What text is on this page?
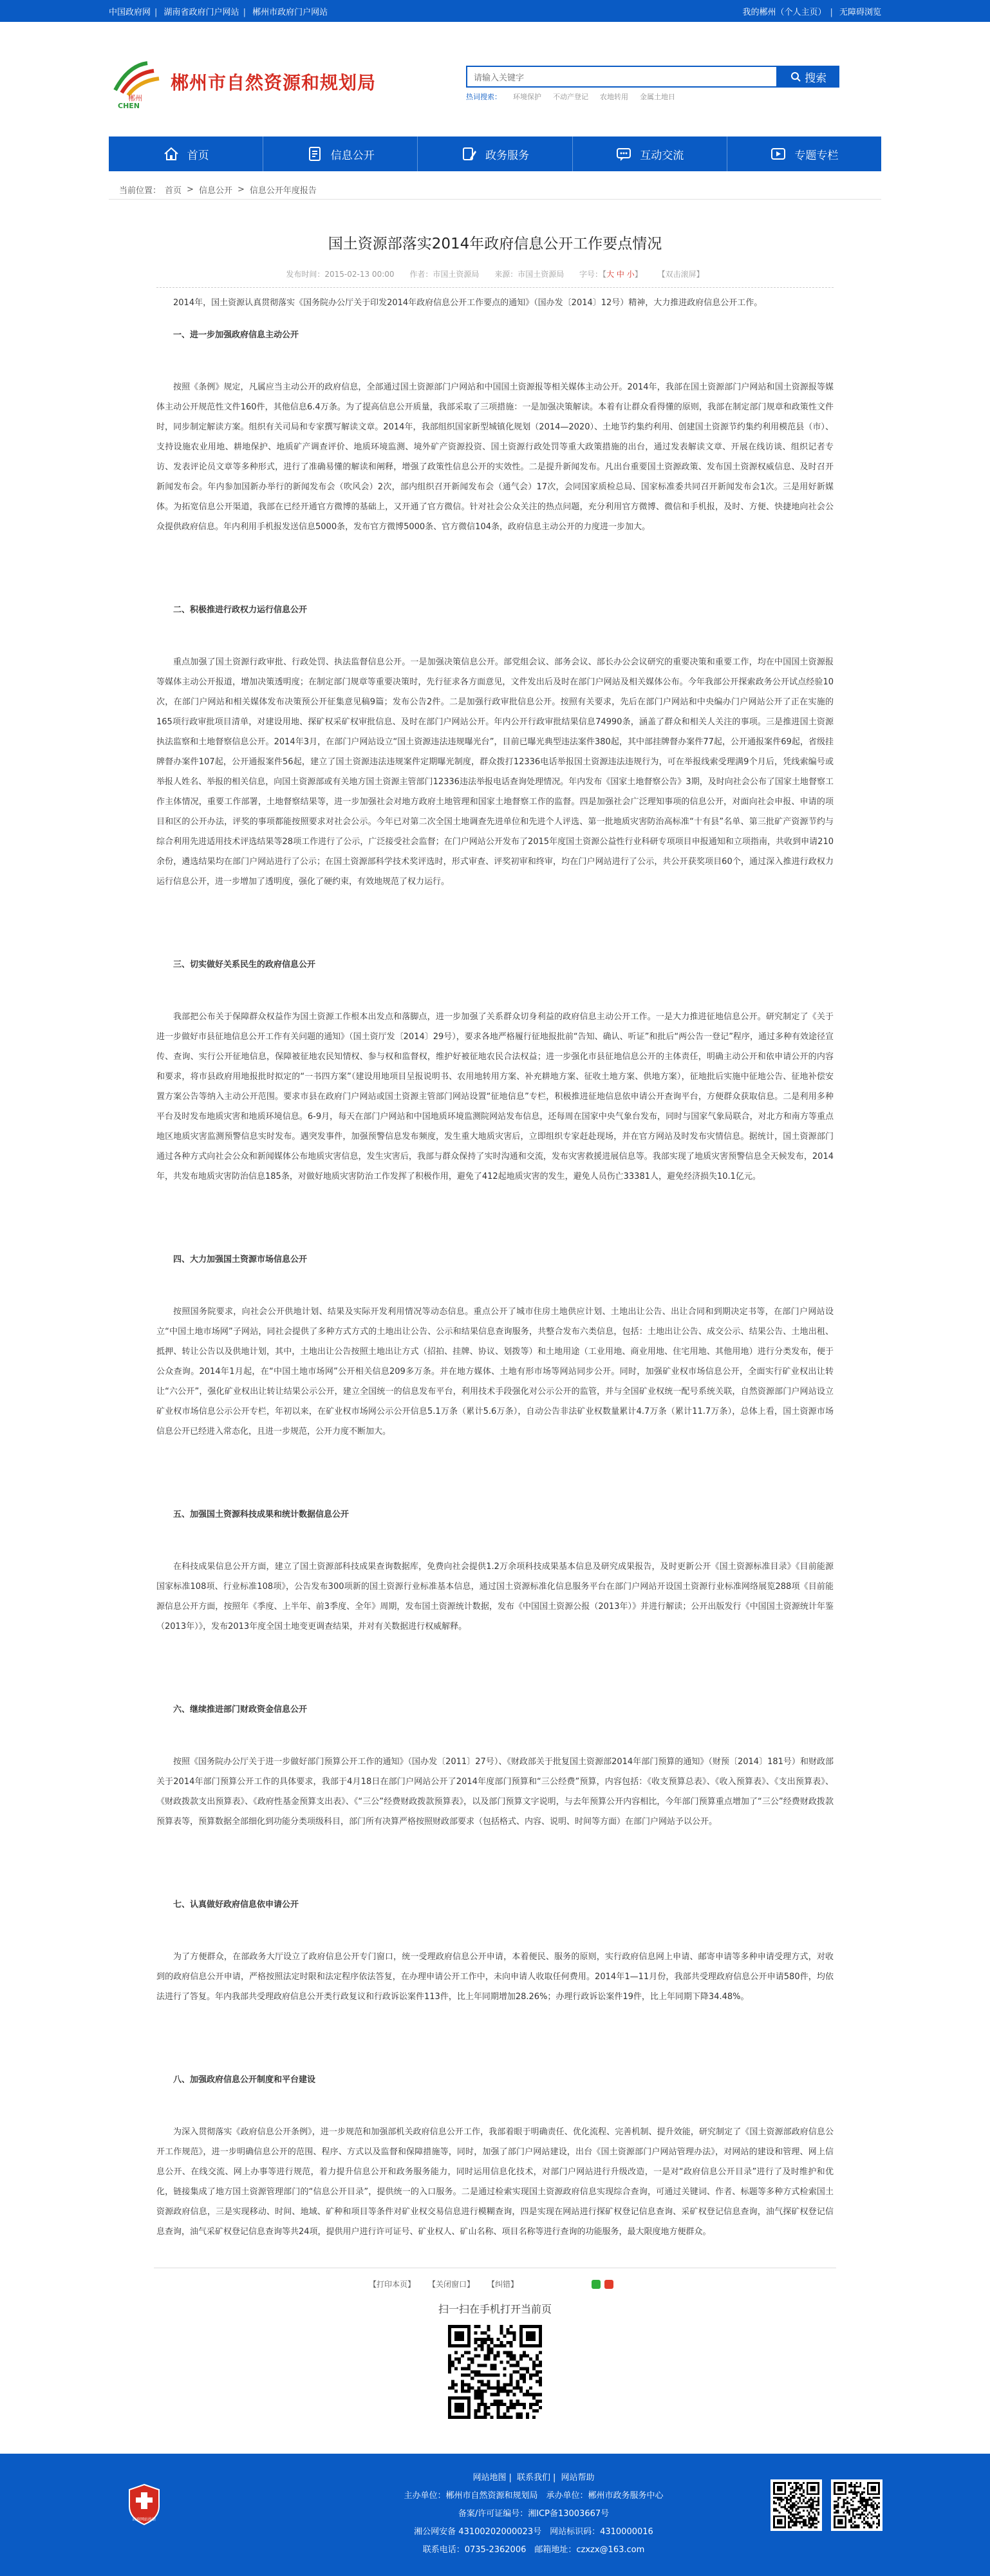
中国政府网 | 湖南省政府门户网站 | 郴州市政府门户网站	我的郴州（个人主页） | 无障碍浏览
郴州
CHEN
郴州市自然资源和规划局
请输入关键字	搜索
热词搜索： 环境保护 不动产登记 农地转用 金属土地日
首页	信息公开	政务服务	互动交流	专题专栏
当前位置： 首页 > 信息公开 > 信息公开年度报告
国土资源部落实2014年政府信息公开工作要点情况
发布时间：2015-02-13 00:00 作者：市国土资源局 来源：市国土资源局 字号：【大 中 小】 【双击滚屏】

2014年，国土资源认真贯彻落实《国务院办公厅关于印发2014年政府信息公开工作要点的通知》（国办发〔2014〕12号）精神，大力推进政府信息公开工作。

一、进一步加强政府信息主动公开

按照《条例》规定，凡属应当主动公开的政府信息，全部通过国土资源部门户网站和中国国土资源报等相关媒体主动公开。2014年，我部在国土资源部门户网站和国土资源报等媒体主动公开规范性文件160件，其他信息6.4万条。为了提高信息公开质量，我部采取了三项措施：一是加强决策解读。本着有让群众看得懂的原则，我部在制定部门规章和政策性文件时，同步制定解读方案。组织有关司局和专家撰写解读文章。2014年，我部组织国家新型城镇化规划（2014—2020）、土地节约集约利用、创建国土资源节约集约利用模范县（市）、支持设施农业用地、耕地保护、地质矿产调查评价、地质环境监测、境外矿产资源投资、国土资源行政处罚等重大政策措施的出台，通过发表解读文章、开展在线访谈、组织记者专访、发表评论员文章等多种形式，进行了准确易懂的解读和阐释，增强了政策性信息公开的实效性。二是提升新闻发布。凡出台重要国土资源政策、发布国土资源权威信息、及时召开新闻发布会。年内参加国新办举行的新闻发布会（吹风会）2次，部内组织召开新闻发布会（通气会）17次，会同国家质检总局、国家标准委共同召开新闻发布会1次。三是用好新媒体。为拓宽信息公开渠道，我部在已经开通官方微博的基础上，又开通了官方微信。针对社会公众关注的热点问题，充分利用官方微博、微信和手机报，及时、方便、快捷地向社会公众提供政府信息。年内利用手机报发送信息5000条，发布官方微博5000条、官方微信104条，政府信息主动公开的力度进一步加大。

二、积极推进行政权力运行信息公开

重点加强了国土资源行政审批、行政处罚、执法监督信息公开。一是加强决策信息公开。部党组会议、部务会议、部长办公会议研究的重要决策和重要工作，均在中国国土资源报等媒体主动公开报道，增加决策透明度；在制定部门规章等重要决策时，先行征求各方面意见，文件发出后及时在部门户网站及相关媒体公布。今年我部公开探索政务公开试点经验10次，在部门户网站和相关媒体发布决策预公开征集意见稿9篇；发布公告2件。二是加强行政审批信息公开。按照有关要求，先后在部门户网站和中央编办门户网站公开了正在实施的165项行政审批项目清单，对建设用地、探矿权采矿权审批信息、及时在部门户网站公开。年内公开行政审批结果信息74990条，涵盖了群众和相关人关注的事项。三是推进国土资源执法监察和土地督察信息公开。2014年3月，在部门户网站设立“国土资源违法违规曝光台”，目前已曝光典型违法案件380起，其中部挂牌督办案件77起，公开通报案件69起，省级挂牌督办案件107起，公开通报案件56起，建立了国土资源违法违规案件定期曝光制度，群众拨打12336电话举报国土资源违法违规行为，可在举报线索受理满9个月后，凭线索编号或举报人姓名、举报的相关信息，向国土资源部或有关地方国土资源主管部门12336违法举报电话查询处理情况。年内发布《国家土地督察公告》3期，及时向社会公布了国家土地督察工作主体情况，重要工作部署，土地督察结果等，进一步加强社会对地方政府土地管理和国家土地督察工作的监督。四是加强社会广泛理知事项的信息公开，对面向社会申报、申请的项目和区的公开办法，评奖的事项都能按照要求对社会公示。今年已对第二次全国土地调查先进单位和先进个人评选、第一批地质灾害防治高标准“十有县”名单、第三批矿产资源节约与综合利用先进适用技术评选结果等28项工作进行了公示，广泛接受社会监督；在门户网站公开发布了2015年度国土资源公益性行业科研专项项目申报通知和立项指南，共收到申请210余份，遴选结果均在部门户网站进行了公示；在国土资源部科学技术奖评选时，形式审查、评奖初审和终审，均在门户网站进行了公示，共公开获奖项目60个，通过深入推进行政权力运行信息公开，进一步增加了透明度，强化了硬约束，有效地规范了权力运行。

三、切实做好关系民生的政府信息公开

我部把公布关于保障群众权益作为国土资源工作根本出发点和落脚点，进一步加强了关系群众切身利益的政府信息主动公开工作。一是大力推进征地信息公开。研究制定了《关于进一步做好市县征地信息公开工作有关问题的通知》（国土资厅发〔2014〕29号），要求各地严格履行征地报批前“告知、确认、听证”和批后“两公告一登记”程序，通过多种有效途径宣传、查询、实行公开征地信息，保障被征地农民知情权、参与权和监督权，维护好被征地农民合法权益；进一步强化市县征地信息公开的主体责任，明确主动公开和依申请公开的内容和要求，将市县政府用地报批时拟定的“一书四方案”（建设用地项目呈报说明书、农用地转用方案、补充耕地方案、征收土地方案、供地方案），征地批后实施中征地公告、征地补偿安置方案公告等纳入主动公开范围。要求市县在政府门户网站或国土资源主管部门网站设置“征地信息”专栏，积极推进征地信息依申请公开查询平台，方便群众获取信息。二是利用多种平台及时发布地质灾害和地质环境信息。6-9月，每天在部门户网站和中国地质环境监测院网站发布信息，还每周在国家中央气象台发布，同时与国家气象局联合，对北方和南方等重点地区地质灾害监测预警信息实时发布。遇突发事件，加强预警信息发布频度，发生重大地质灾害后，立即组织专家赶赴现场，并在官方网站及时发布灾情信息。据统计，国土资源部门通过各种方式向社会公众和新闻媒体公布地质灾害信息，发生灾害后，我部与群众保持了实时沟通和交流，发布灾害救援进展信息等。我部实现了地质灾害预警信息全天候发布，2014年，共发布地质灾害防治信息185条，对做好地质灾害防治工作发挥了积极作用，避免了412起地质灾害的发生，避免人员伤亡33381人，避免经济损失10.1亿元。

四、大力加强国土资源市场信息公开

按照国务院要求，向社会公开供地计划、结果及实际开发利用情况等动态信息。重点公开了城市住房土地供应计划、土地出让公告、出让合同和到期决定书等，在部门户网站设立“中国土地市场网”子网站，同社会提供了多种方式方式的土地出让公告、公示和结果信息查询服务，共整合发布六类信息，包括：土地出让公告、成交公示、结果公告、土地出租、抵押、转让公告以及供地计划，其中，土地出让公告按照土地出让方式（招拍、挂牌、协议、划拨等）和土地用途（工业用地、商业用地、住宅用地、其他用地）进行分类发布，便于公众查询。2014年1月起，在“中国土地市场网”公开相关信息209多万条。并在地方媒体、土地有形市场等网站同步公开。同时，加强矿业权市场信息公开，全面实行矿业权出让转让“六公开”，强化矿业权出让转让结果公示公开，建立全国统一的信息发布平台，利用技术手段强化对公示公开的监管，并与全国矿业权统一配号系统关联，自然资源部门户网站设立矿业权市场信息公示公开专栏，年初以来，在矿业权市场网公示公开信息5.1万条（累计5.6万条），自动公告非法矿业权数量累计4.7万条（累计11.7万条），总体上看，国土资源市场信息公开已经进入常态化，且进一步规范，公开力度不断加大。

五、加强国土资源科技成果和统计数据信息公开

在科技成果信息公开方面，建立了国土资源部科技成果查询数据库，免费向社会提供1.2万余项科技成果基本信息及研究成果报告，及时更新公开《国土资源标准目录》《目前能源国家标准108项、行业标准108项》，公告发布300项新的国土资源行业标准基本信息，通过国土资源标准化信息服务平台在部门户网站开设国土资源行业标准网络展览288项《目前能源信息公开方面，按照年《季度、上半年、前3季度、全年》周期，发布国土资源统计数据，发布《中国国土资源公报（2013年）》并进行解读；公开出版发行《中国国土资源统计年鉴（2013年）》，发布2013年度全国土地变更调查结果，并对有关数据进行权威解释。

六、继续推进部门财政资金信息公开

按照《国务院办公厅关于进一步做好部门预算公开工作的通知》（国办发〔2011〕27号）、《财政部关于批复国土资源部2014年部门预算的通知》（财预〔2014〕181号）和财政部关于2014年部门预算公开工作的具体要求，我部于4月18日在部门户网站公开了2014年度部门预算和“三公经费”预算，内容包括：《收支预算总表》、《收入预算表》、《支出预算表》、《财政拨款支出预算表》、《政府性基金预算支出表》、《“三公”经费财政拨款预算表》，以及部门预算文字说明，与去年预算公开内容相比，今年部门预算重点增加了“三公”经费财政拨款预算表等，预算数据全部细化到功能分类项级科目，部门所有决算严格按照财政部要求（包括格式、内容、说明、时间等方面）在部门户网站予以公开。

七、认真做好政府信息依申请公开

为了方便群众，在部政务大厅设立了政府信息公开专门窗口，统一受理政府信息公开申请，本着便民、服务的原则，实行政府信息网上申请、邮寄申请等多种申请受理方式，对收到的政府信息公开申请，严格按照法定时限和法定程序依法答复，在办理申请公开工作中，未向申请人收取任何费用。2014年1—11月份，我部共受理政府信息公开申请580件，均依法进行了答复。年内我部共受理政府信息公开类行政复议和行政诉讼案件113件，比上年同期增加28.26%；办理行政诉讼案件19件，比上年同期下降34.48%。

八、加强政府信息公开制度和平台建设

为深入贯彻落实《政府信息公开条例》，进一步规范和加强部机关政府信息公开工作，我部着眼于明确责任、优化流程、完善机制、提升效能，研究制定了《国土资源部政府信息公开工作规范》，进一步明确信息公开的范围、程序、方式以及监督和保障措施等，同时，加强了部门户网站建设，出台《国土资源部门户网站管理办法》，对网站的建设和管理、网上信息公开、在线交流、网上办事等进行规范，着力提升信息公开和政务服务能力，同时运用信息化技术，对部门户网站进行升级改造，一是对“政府信息公开目录”进行了及时维护和优化，链接集成了地方国土资源管理部门的“信息公开目录”，提供统一的入口服务。二是通过检索实现国土资源政府信息实现综合查询，可通过关键词、作者、标题等多种方式检索国土资源政府信息，三是实现移动、时间、地域、矿种和项目等条件对矿业权交易信息进行模糊查询，四是实现在网站进行探矿权登记信息查询、采矿权登记信息查询，油气探矿权登记信息查询，油气采矿权登记信息查询等共24项，提供用户进行许可证号、矿业权人、矿山名称、项目名称等进行查询的功能服务，最大限度地方便群众。

【打印本页】 【关闭窗口】 【纠错】
扫一扫在手机打开当前页
政府网站找错
网站地图 | 联系我们 | 网站帮助
主办单位：郴州市自然资源和规划局　承办单位：郴州市政务服务中心
备案/许可证编号：湘ICP备13003667号
湘公网安备 43100202000023号　网站标识码：4310000016
联系电话：0735-2362006　邮箱地址：czxzx@163.com
